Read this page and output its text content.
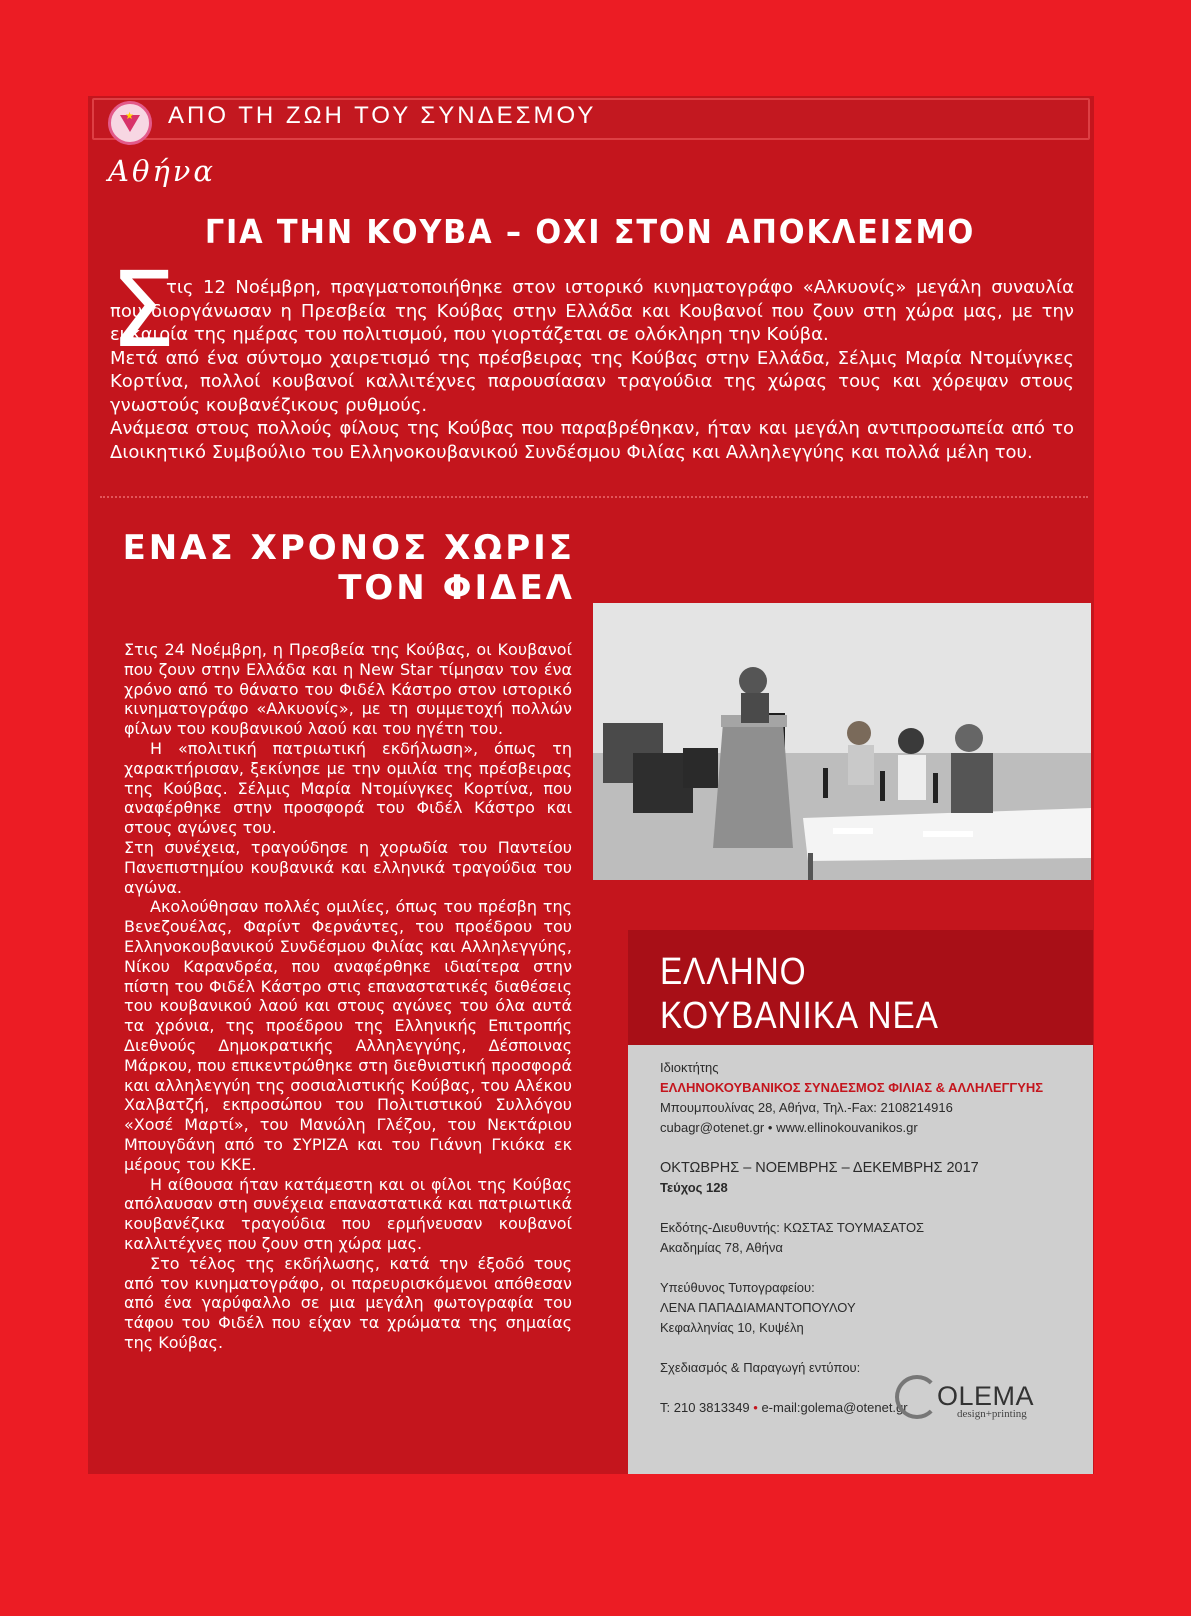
★ ΑΠΟ ΤΗ ΖΩΗ ΤΟΥ ΣΥΝΔΕΣΜΟΥ
Αθήνα
ΓΙΑ ΤΗΝ ΚΟΥΒΑ – ΟΧΙ ΣΤΟΝ ΑΠΟΚΛΕΙΣΜΟ
Σ

τις 12 Νοέμβρη, πραγματοποιήθηκε στον ιστορικό κινηματογράφο «Αλκυονίς» μεγάλη συναυλία που διοργάνωσαν η Πρεσβεία της Κούβας στην Ελλάδα και Κουβανοί που ζουν στη χώρα μας, με την ευκαιρία της ημέρας του πολιτισμού, που γιορτάζεται σε ολόκληρη την Κούβα.

Μετά από ένα σύντομο χαιρετισμό της πρέσβειρας της Κούβας στην Ελλάδα, Σέλμις Μαρία Ντομίνγκες Κορτίνα, πολλοί κουβανοί καλλιτέχνες παρουσίασαν τραγούδια της χώρας τους και χόρεψαν στους γνωστούς κουβανέζικους ρυθμούς.

Ανάμεσα στους πολλούς φίλους της Κούβας που παραβρέθηκαν, ήταν και μεγάλη αντιπροσωπεία από το Διοικητικό Συμβούλιο του Ελληνοκουβανικού Συνδέσμου Φιλίας και Αλληλεγγύης και πολλά μέλη του.

ΕΝΑΣ ΧΡΟΝΟΣ ΧΩΡΙΣ
ΤΟΝ ΦΙΔΕΛ

Στις 24 Νοέμβρη, η Πρεσβεία της Κούβας, οι Κουβανοί που ζουν στην Ελλάδα και η New Star τίμησαν τον ένα χρόνο από το θάνατο του Φιδέλ Κάστρο στον ιστορικό κινηματογράφο «Αλκυονίς», με τη συμμετοχή πολλών φίλων του κουβανικού λαού και του ηγέτη του.

Η «πολιτική πατριωτική εκδήλωση», όπως τη χαρακτήρισαν, ξεκίνησε με την ομιλία της πρέσβειρας της Κούβας. Σέλμις Μαρία Ντομίνγκες Κορτίνα, που αναφέρθηκε στην προσφορά του Φιδέλ Κάστρο και στους αγώνες του.

Στη συνέχεια, τραγούδησε η χορωδία του Παντείου Πανεπιστημίου κουβανικά και ελληνικά τραγούδια του αγώνα.

Ακολούθησαν πολλές ομιλίες, όπως του πρέσβη της Βενεζουέλας, Φαρίντ Φερνάντες, του προέδρου του Ελληνοκουβανικού Συνδέσμου Φιλίας και Αλληλεγγύης, Νίκου Καρανδρέα, που αναφέρθηκε ιδιαίτερα στην πίστη του Φιδέλ Κάστρο στις επαναστατικές διαθέσεις του κουβανικού λαού και στους αγώνες του όλα αυτά τα χρόνια, της προέδρου της Ελληνικής Επιτροπής Διεθνούς Δημοκρατικής Αλληλεγγύης, Δέσποινας Μάρκου, που επικεντρώθηκε στη διεθνιστική προσφορά και αλληλεγγύη της σοσιαλιστικής Κούβας, του Αλέκου Χαλβατζή, εκπροσώπου του Πολιτιστικού Συλλόγου «Χοσέ Μαρτί», του Μανώλη Γλέζου, του Νεκτάριου Μπουγδάνη από το ΣΥΡΙΖΑ και του Γιάννη Γκιόκα εκ μέρους του ΚΚΕ.

Η αίθουσα ήταν κατάμεστη και οι φίλοι της Κούβας απόλαυσαν στη συνέχεια επαναστατικά και πατριωτικά κουβανέζικα τραγούδια που ερμήνευσαν κουβανοί καλλιτέχνες που ζουν στη χώρα μας.

Στο τέλος της εκδήλωσης, κατά την έξοδό τους από τον κινηματογράφο, οι παρευρισκόμενοι απόθεσαν από ένα γαρύφαλλο σε μια μεγάλη φωτογραφία του τάφου του Φιδέλ που είχαν τα χρώματα της σημαίας της Κούβας.

ΕΛΛΗΝΟ
ΚΟΥΒΑΝΙΚΑ ΝΕΑ
Ιδιοκτήτης
ΕΛΛΗΝΟΚΟΥΒΑΝΙΚΟΣ ΣΥΝΔΕΣΜΟΣ ΦΙΛΙΑΣ & ΑΛΛΗΛΕΓΓΥΗΣ
Μπουμπουλίνας 28, Αθήνα, Τηλ.-Fax: 2108214916
cubagr@otenet.gr • www.ellinokouvanikos.gr
ΟΚΤΩΒΡΗΣ – ΝΟΕΜΒΡΗΣ – ΔΕΚΕΜΒΡΗΣ 2017
Τεύχος 128
Εκδότης-Διευθυντής: ΚΩΣΤΑΣ ΤΟΥΜΑΣΑΤΟΣ
Ακαδημίας 78, Αθήνα
Υπεύθυνος Τυπογραφείου:
ΛΕΝΑ ΠΑΠΑΔΙΑΜΑΝΤΟΠΟΥΛΟΥ
Κεφαλληνίας 10, Κυψέλη
Σχεδιασμός & Παραγωγή εντύπου:
Τ: 210 3813349 • e-mail:golema@otenet.gr	OLEMA
design+printing
